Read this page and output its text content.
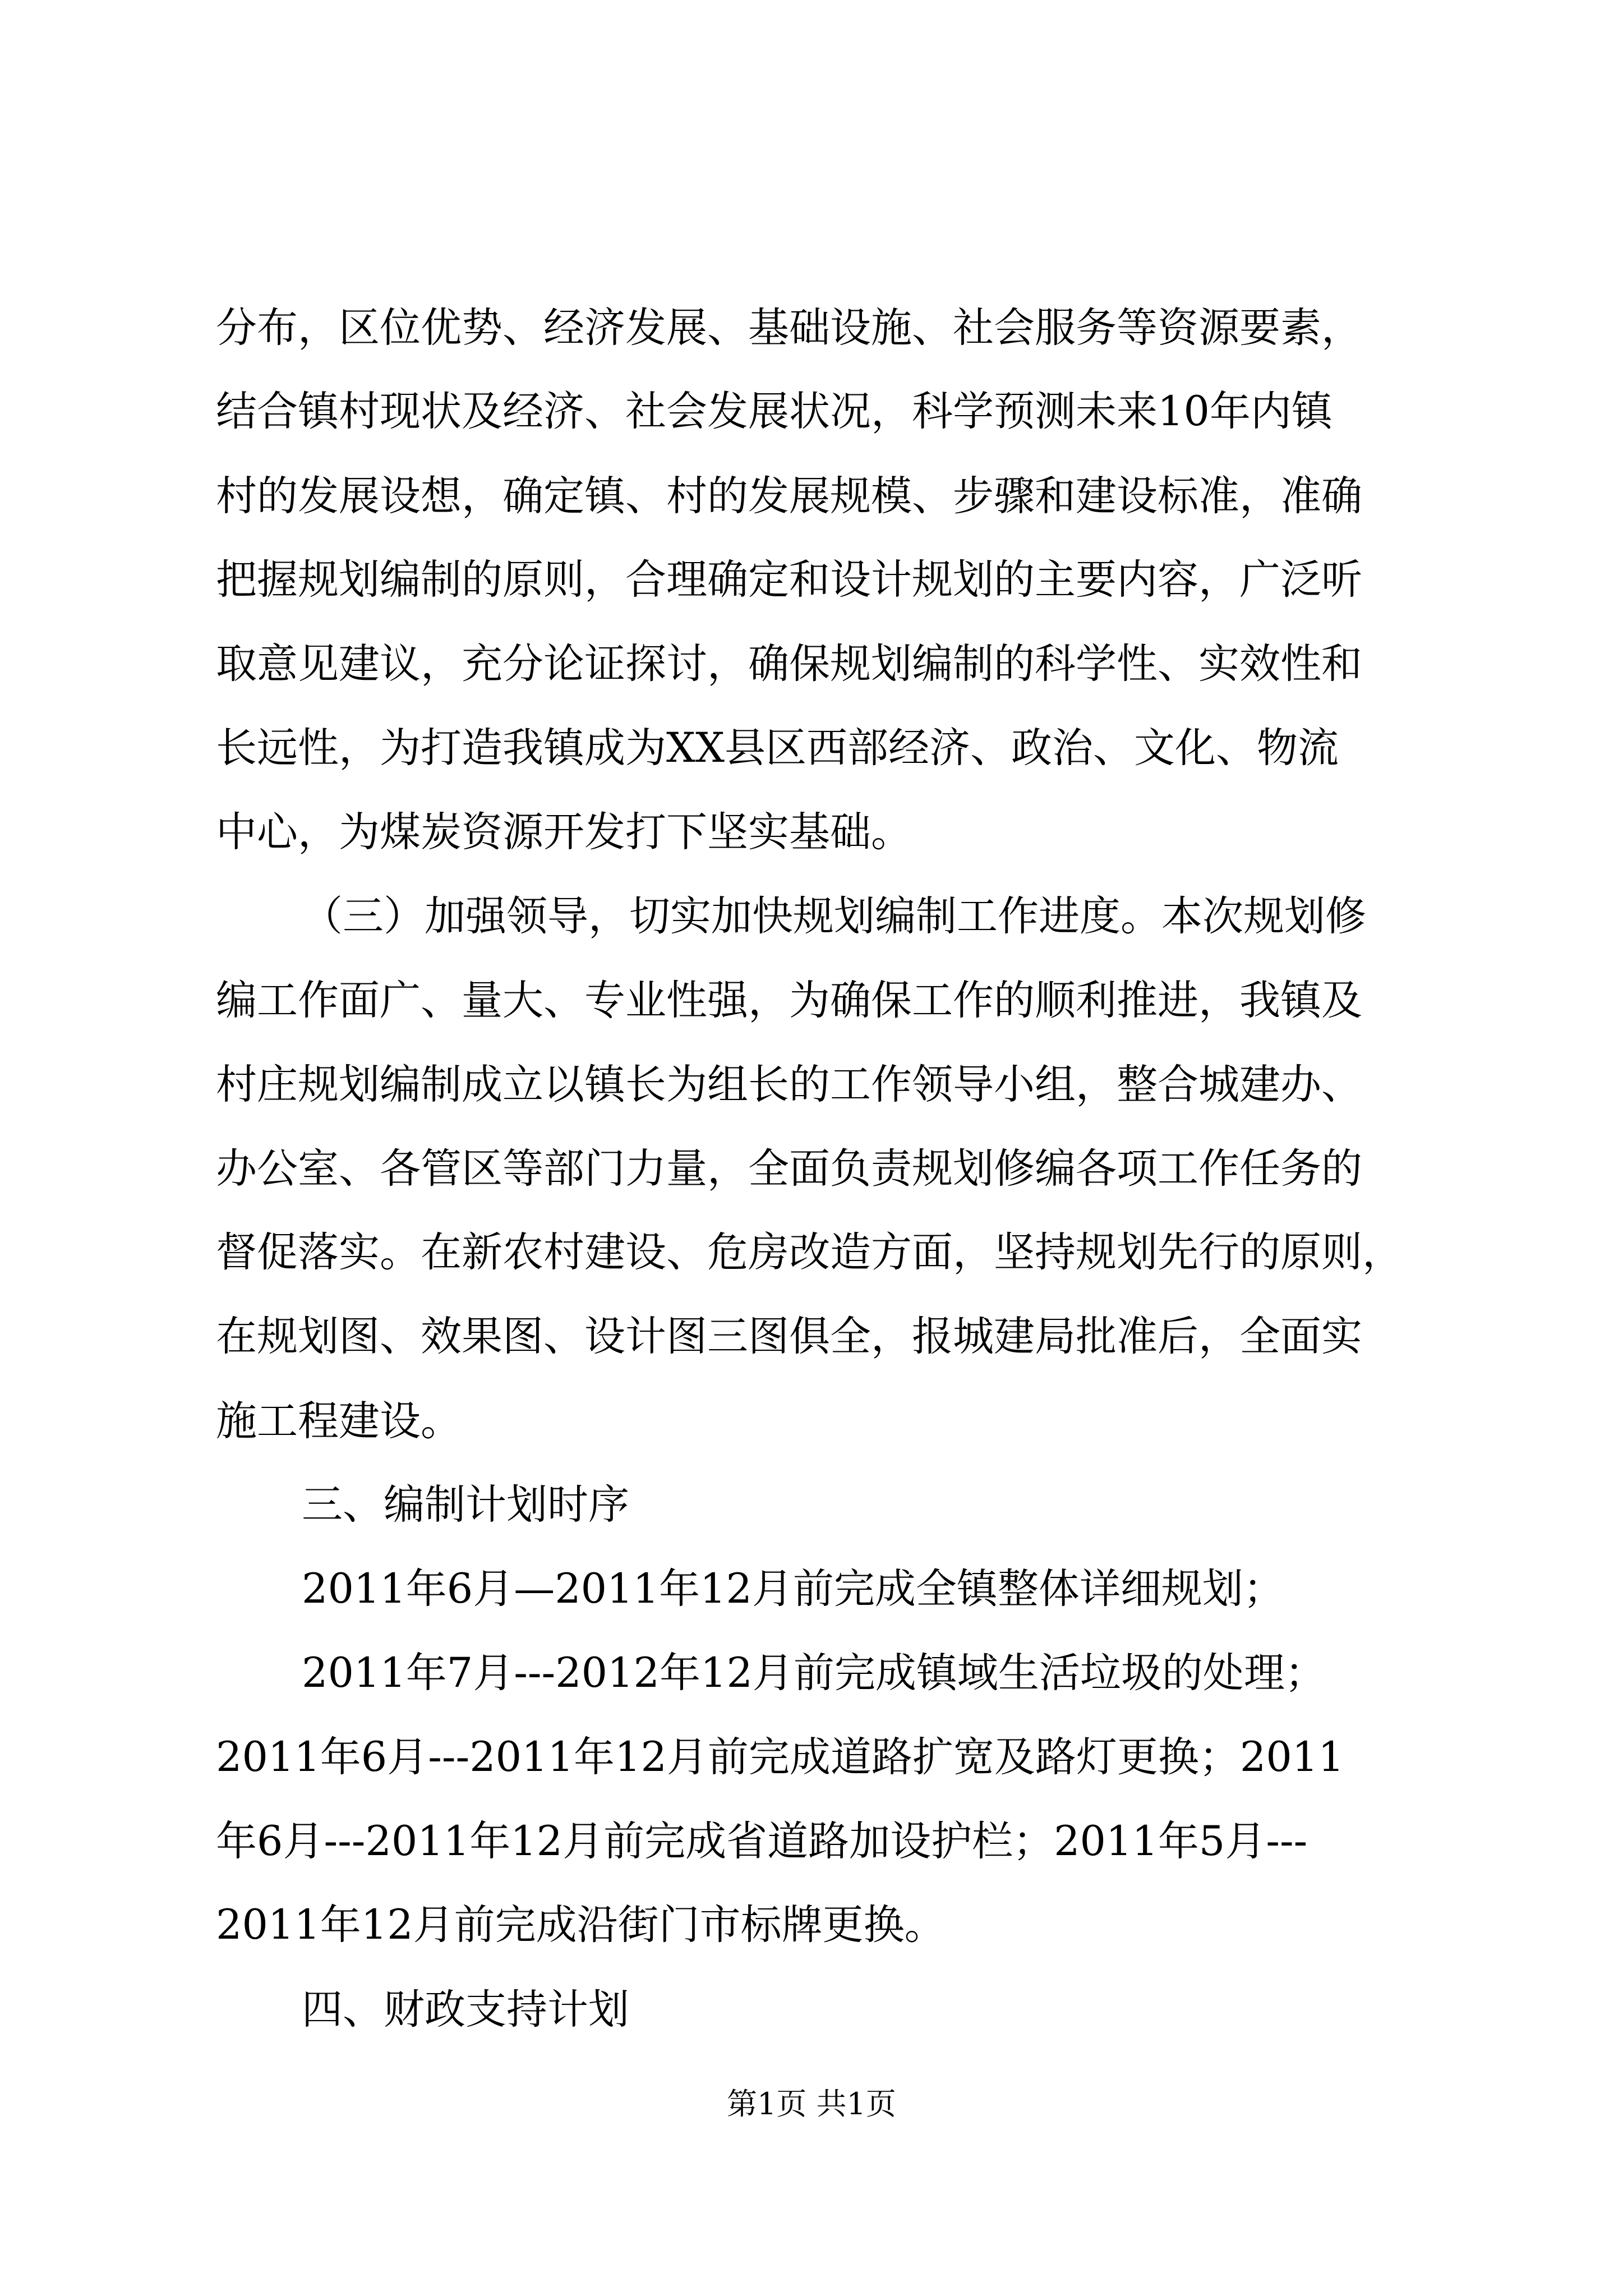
分布，区位优势、经济发展、基础设施、社会服务等资源要素，
结合镇村现状及经济、社会发展状况，科学预测未来10年内镇
村的发展设想，确定镇、村的发展规模、步骤和建设标准，准确
把握规划编制的原则，合理确定和设计规划的主要内容，广泛听
取意见建议，充分论证探讨，确保规划编制的科学性、实效性和
长远性，为打造我镇成为XX县区西部经济、政治、文化、物流
中心，为煤炭资源开发打下坚实基础。
（三）加强领导，切实加快规划编制工作进度。本次规划修
编工作面广、量大、专业性强，为确保工作的顺利推进，我镇及
村庄规划编制成立以镇长为组长的工作领导小组，整合城建办、
办公室、各管区等部门力量，全面负责规划修编各项工作任务的
督促落实。在新农村建设、危房改造方面，坚持规划先行的原则，
在规划图、效果图、设计图三图俱全，报城建局批准后，全面实
施工程建设。
三、编制计划时序
2011年6月—2011年12月前完成全镇整体详细规划；
2011年7月---2012年12月前完成镇域生活垃圾的处理；
2011年6月---2011年12月前完成道路扩宽及路灯更换；2011
年6月---2011年12月前完成省道路加设护栏；2011年5月---
2011年12月前完成沿街门市标牌更换。
四、财政支持计划
第1页 共1页
